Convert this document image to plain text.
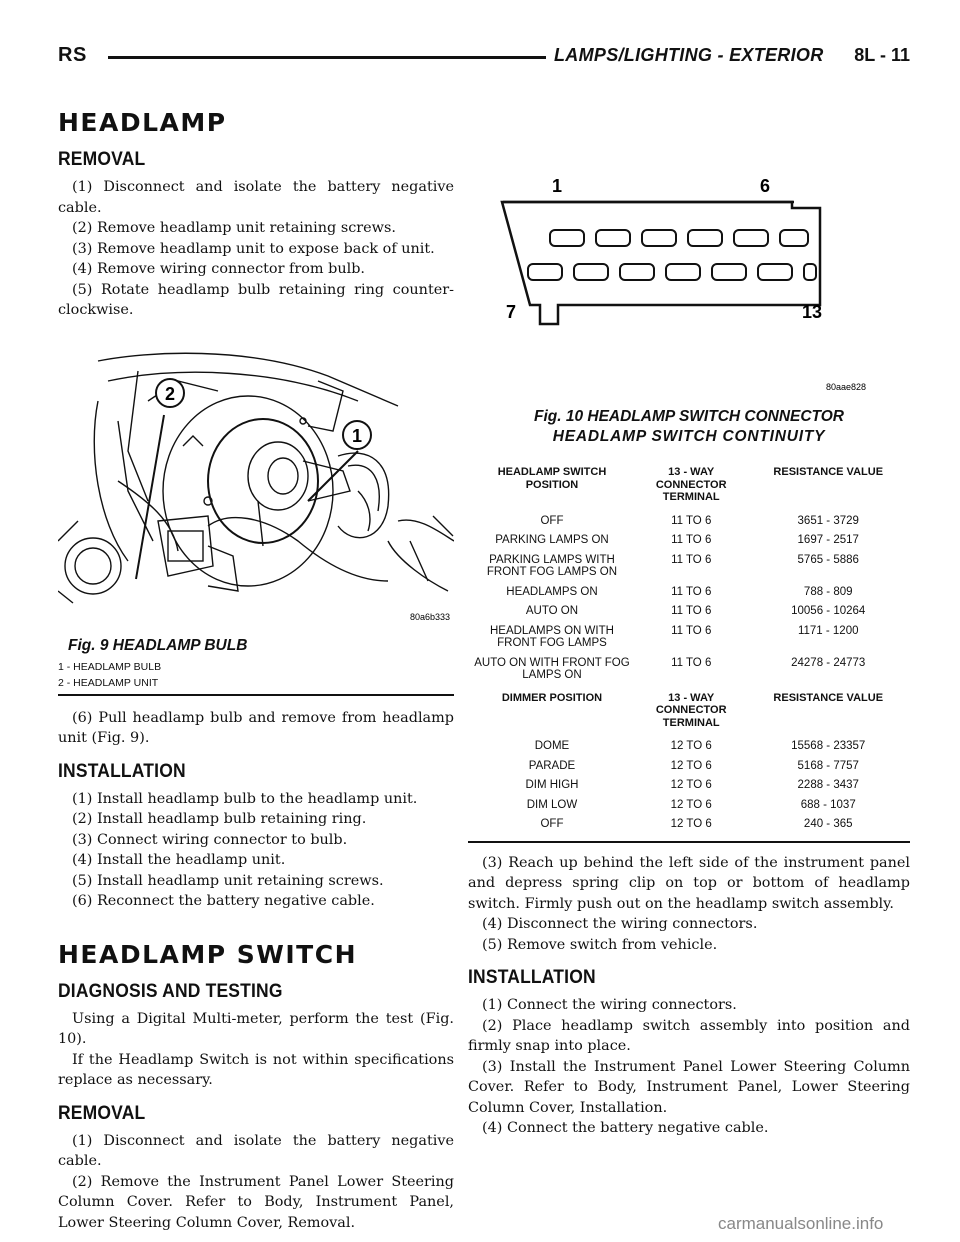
RS	LAMPS/LIGHTING - EXTERIOR 8L - 11
HEADLAMP
REMOVAL

(1) Disconnect and isolate the battery negative cable.

(2) Remove headlamp unit retaining screws.

(3) Remove headlamp unit to expose back of unit.

(4) Remove wiring connector from bulb.

(5) Rotate headlamp bulb retaining ring counter-clockwise.

2
1
80a6b333
Fig. 9 HEADLAMP BULB
1 - HEADLAMP BULB
2 - HEADLAMP UNIT

(6) Pull headlamp bulb and remove from headlamp unit (Fig. 9).

INSTALLATION

(1) Install headlamp bulb to the headlamp unit.

(2) Install headlamp bulb retaining ring.

(3) Connect wiring connector to bulb.

(4) Install the headlamp unit.

(5) Install headlamp unit retaining screws.

(6) Reconnect the battery negative cable.

HEADLAMP SWITCH
DIAGNOSIS AND TESTING

Using a Digital Multi-meter, perform the test (Fig. 10).

If the Headlamp Switch is not within specifications replace as necessary.

REMOVAL

(1) Disconnect and isolate the battery negative cable.

(2) Remove the Instrument Panel Lower Steering Column Cover. Refer to Body, Instrument Panel, Lower Steering Column Cover, Removal.

1	6
7	13
80aae828
Fig. 10 HEADLAMP SWITCH CONNECTOR
HEADLAMP SWITCH CONTINUITY
HEADLAMP SWITCH POSITION	13 - WAY CONNECTOR TERMINAL	RESISTANCE VALUE
OFF	11 TO 6	3651 - 3729
PARKING LAMPS ON	11 TO 6	1697 - 2517
PARKING LAMPS WITH FRONT FOG LAMPS ON	11 TO 6	5765 - 5886
HEADLAMPS ON	11 TO 6	788 - 809
AUTO ON	11 TO 6	10056 - 10264
HEADLAMPS ON WITH FRONT FOG LAMPS	11 TO 6	1171 - 1200
AUTO ON WITH FRONT FOG LAMPS ON	11 TO 6	24278 - 24773
DIMMER POSITION	13 - WAY CONNECTOR TERMINAL	RESISTANCE VALUE
DOME	12 TO 6	15568 - 23357
PARADE	12 TO 6	5168 - 7757
DIM HIGH	12 TO 6	2288 - 3437
DIM LOW	12 TO 6	688 - 1037
OFF	12 TO 6	240 - 365

(3) Reach up behind the left side of the instrument panel and depress spring clip on top or bottom of headlamp switch. Firmly push out on the headlamp switch assembly.

(4) Disconnect the wiring connectors.

(5) Remove switch from vehicle.

INSTALLATION

(1) Connect the wiring connectors.

(2) Place headlamp switch assembly into position and firmly snap into place.

(3) Install the Instrument Panel Lower Steering Column Cover. Refer to Body, Instrument Panel, Lower Steering Column Cover, Installation.

(4) Connect the battery negative cable.

carmanualsonline.info
